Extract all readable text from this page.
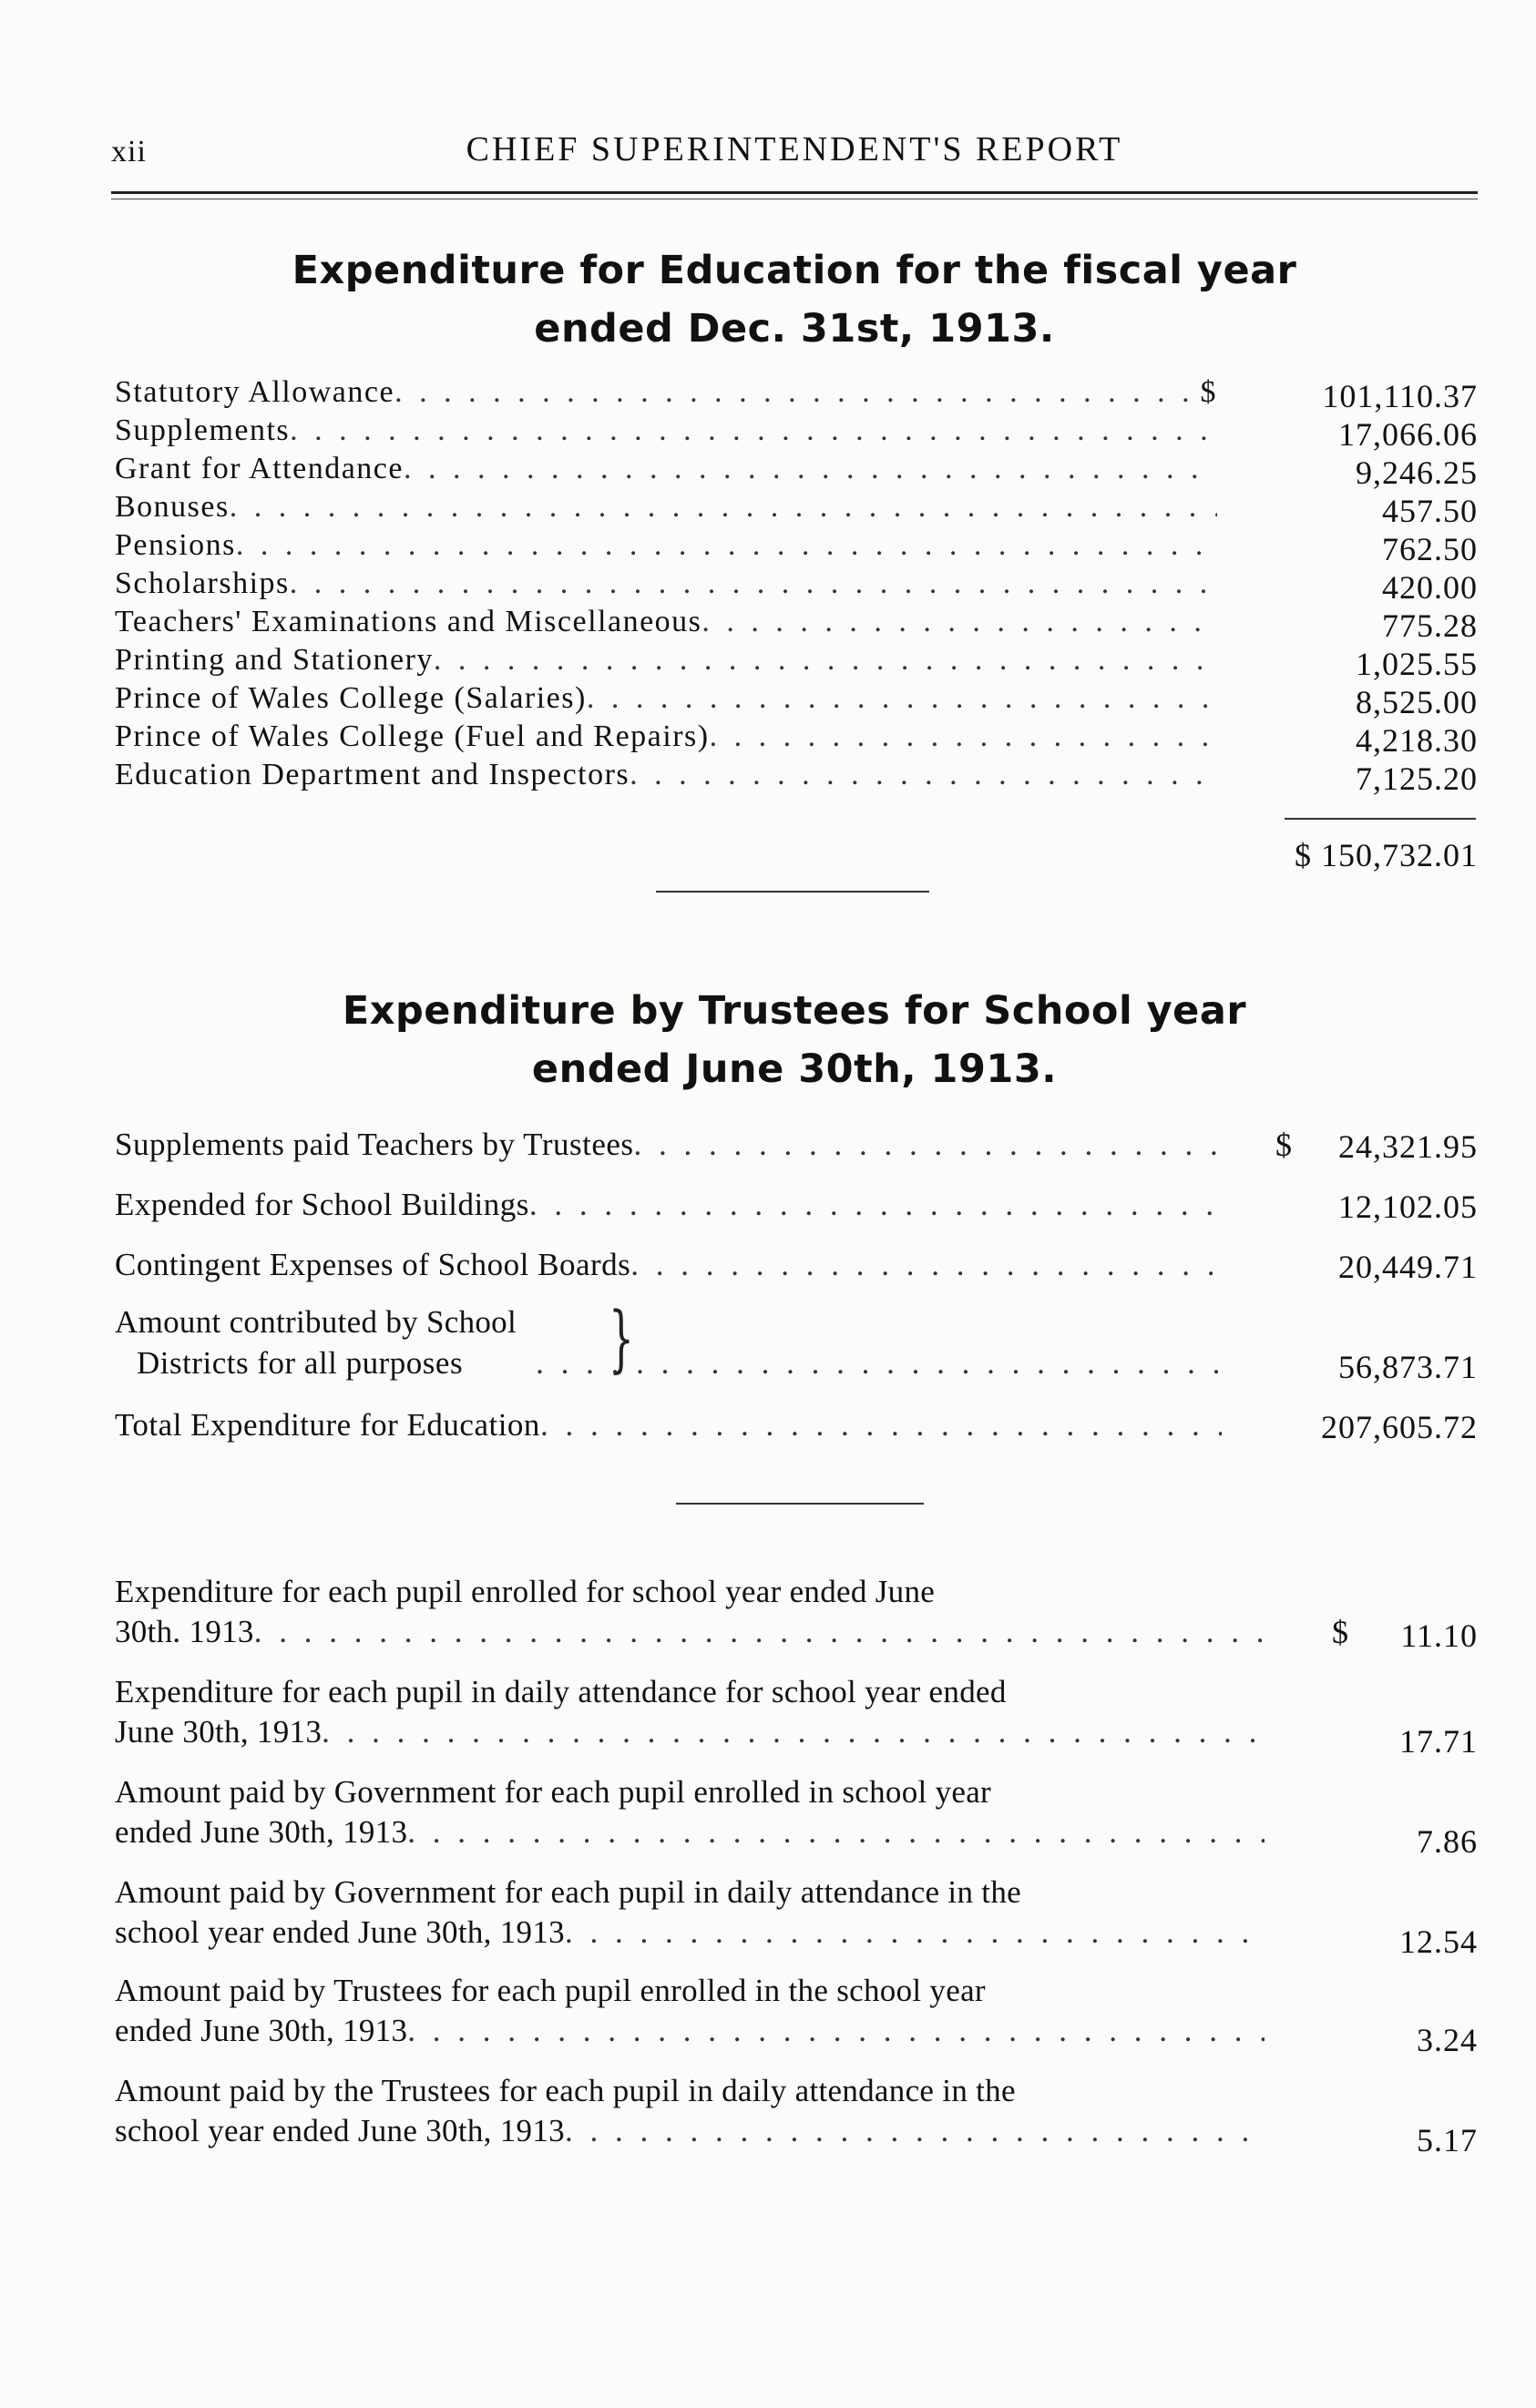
xii	CHIEF SUPERINTENDENT'S REPORT
Expenditure for Education for the fiscal year
ended Dec. 31st, 1913.
Statutory Allowance . . .	$	101,110.37
Supplements . . .	17,066.06
Grant for Attendance . . .	9,246.25
Bonuses . . .	457.50
Pensions . . .	762.50
Scholarships . . .	420.00
Teachers' Examinations and Miscellaneous . . .	775.28
Printing and Stationery . . .	1,025.55
Prince of Wales College (Salaries) . . .	8,525.00
Prince of Wales College (Fuel and Repairs) . . .	4,218.30
Education Department and Inspectors . . .	7,125.20
$ 150,732.01
Expenditure by Trustees for School year
ended June 30th, 1913.
Supplements paid Teachers by Trustees . . .	$ 24,321.95
Expended for School Buildings . . .	12,102.05
Contingent Expenses of School Boards . . .	20,449.71
Amount contributed by School }
Districts for all purposes . . .	56,873.71
Total Expenditure for Education . . .	207,605.72
Expenditure for each pupil enrolled for school year ended June
30th. 1913 . . .	$ 11.10
Expenditure for each pupil in daily attendance for school year ended
June 30th, 1913 . . .	17.71
Amount paid by Government for each pupil enrolled in school year
ended June 30th, 1913 . . .	7.86
Amount paid by Government for each pupil in daily attendance in the
school year ended June 30th, 1913 . . .	12.54
Amount paid by Trustees for each pupil enrolled in the school year
ended June 30th, 1913 . . .	3.24
Amount paid by the Trustees for each pupil in daily attendance in the
school year ended June 30th, 1913 . . .	5.17
